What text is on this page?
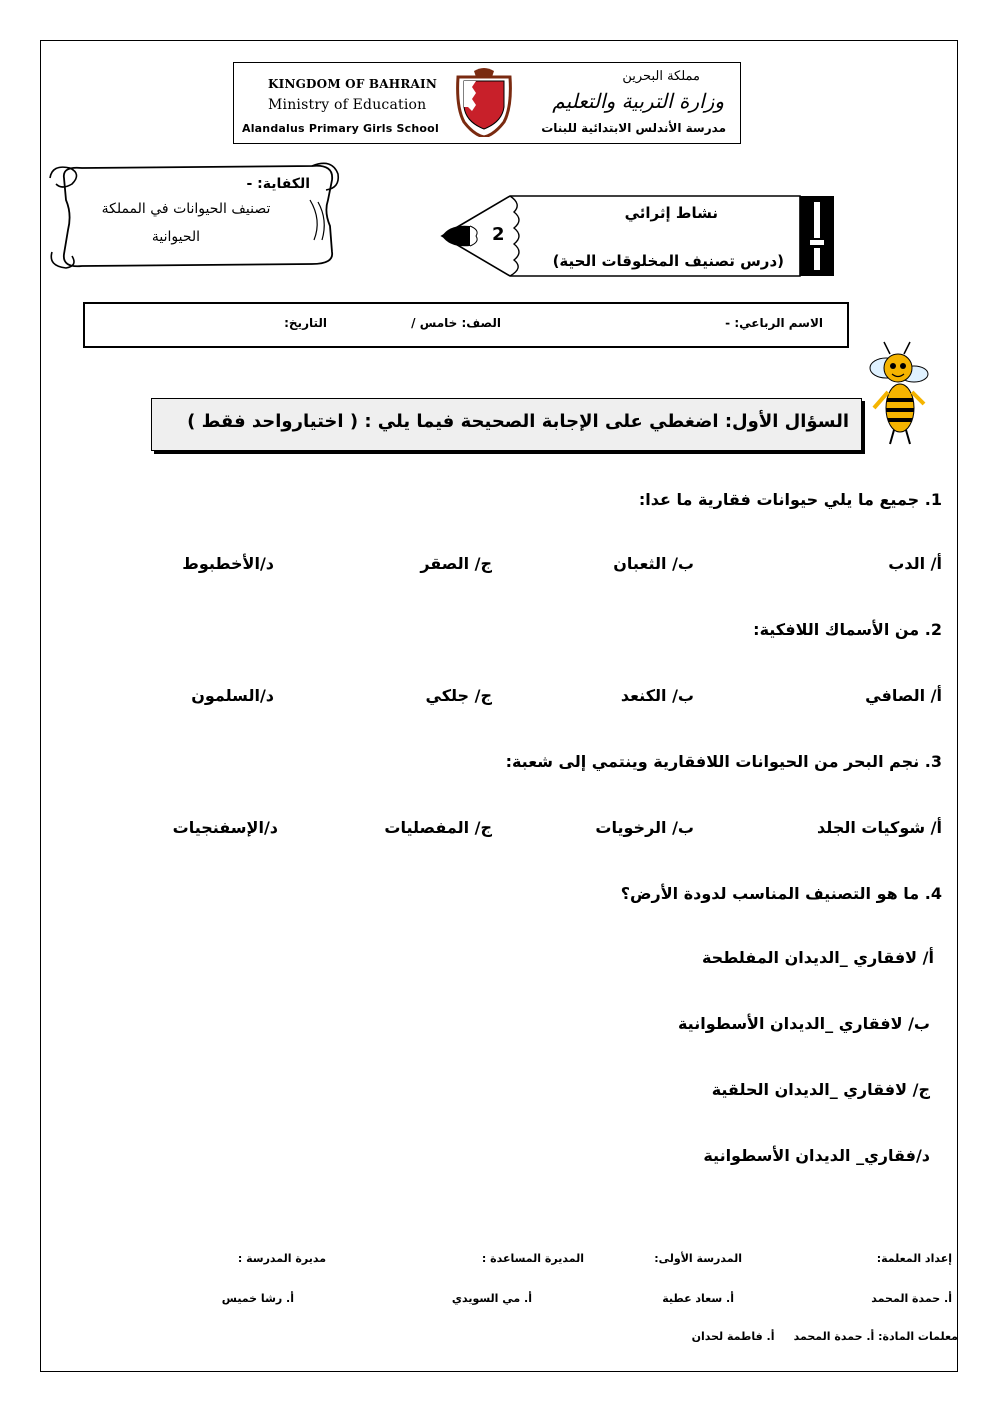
KINGDOM OF BAHRAIN
Ministry of Education
Alandalus Primary Girls School
مملكة البحرين
وزارة التربية والتعليم
مدرسة الأندلس الابتدائية للبنات
الكفاية: -
تصنيف الحيوانات في المملكة
الحيوانية	2
نشاط إثرائي
(درس تصنيف المخلوقات الحية)
الاسم الرباعي: -
الصف: خامس /
التاريخ:
السؤال الأول: اضغطي على الإجابة الصحيحة فيما يلي : ( اختيارواحد فقط )
1. جميع ما يلي حيوانات فقارية ما عدا:
أ/ الدب
ب/ الثعبان
ج/ الصقر
د/الأخطبوط
2. من الأسماك اللافكية:
أ/ الصافي
ب/ الكنعد
ج/ جلكي
د/السلمون
3. نجم البحر من الحيوانات اللافقارية وينتمي إلى شعبة:
أ/ شوكيات الجلد
ب/ الرخويات
ج/ المفصليات
د/الإسفنجيات
4. ما هو التصنيف المناسب لدودة الأرض؟
أ/ لافقاري _الديدان المفلطحة
ب/ لافقاري _الديدان الأسطوانية
ج/ لافقاري _الديدان الحلقية
د/فقاري_ الديدان الأسطوانية
إعداد المعلمة:
أ. حمدة المحمد
المدرسة الأولى:
أ. سعاد عطية
المديرة المساعدة :
أ. مي السويدي
مديرة المدرسة :
أ. رشا خميس
معلمات المادة: أ. حمدة المحمد     أ. فاطمة لحدان
